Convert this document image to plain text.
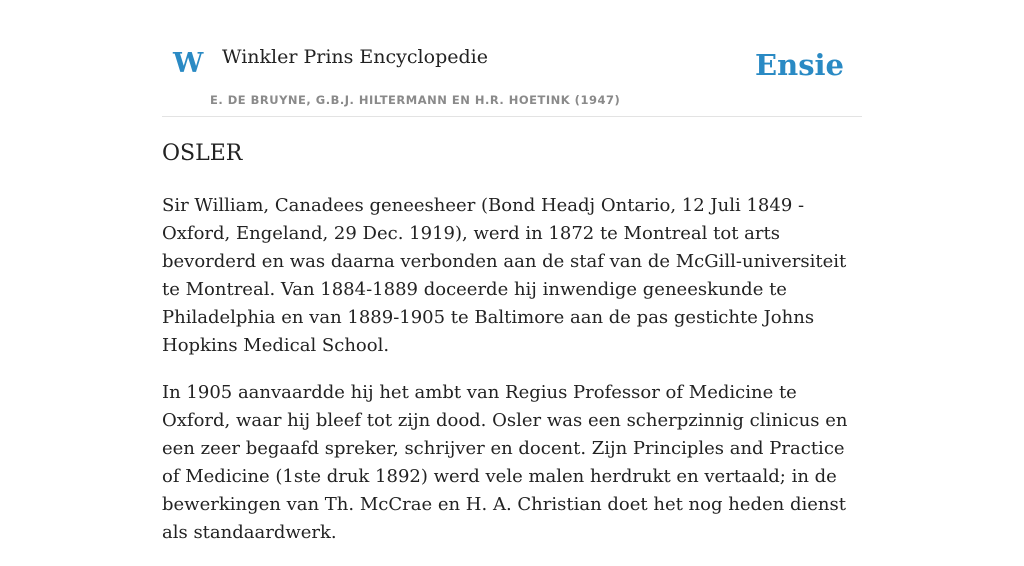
W Winkler Prins Encyclopedie
E. DE BRUYNE, G.B.J. HILTERMANN EN H.R. HOETINK (1947)
Ensie
OSLER

Sir William, Canadees geneesheer (Bond Headj Ontario, 12 Juli 1849 - Oxford, Engeland, 29 Dec. 1919), werd in 1872 te Montreal tot arts bevorderd en was daarna verbonden aan de staf van de McGill-universiteit te Montreal. Van 1884-1889 doceerde hij inwendige geneeskunde te Philadelphia en van 1889-1905 te Baltimore aan de pas gestichte Johns Hopkins Medical School.

In 1905 aanvaardde hij het ambt van Regius Professor of Medicine te Oxford, waar hij bleef tot zijn dood. Osler was een scherpzinnig clinicus en een zeer begaafd spreker, schrijver en docent. Zijn Principles and Practice of Medicine (1ste druk 1892) werd vele malen herdrukt en vertaald; in de bewerkingen van Th. McCrae en H. A. Christian doet het nog heden dienst als standaardwerk.
